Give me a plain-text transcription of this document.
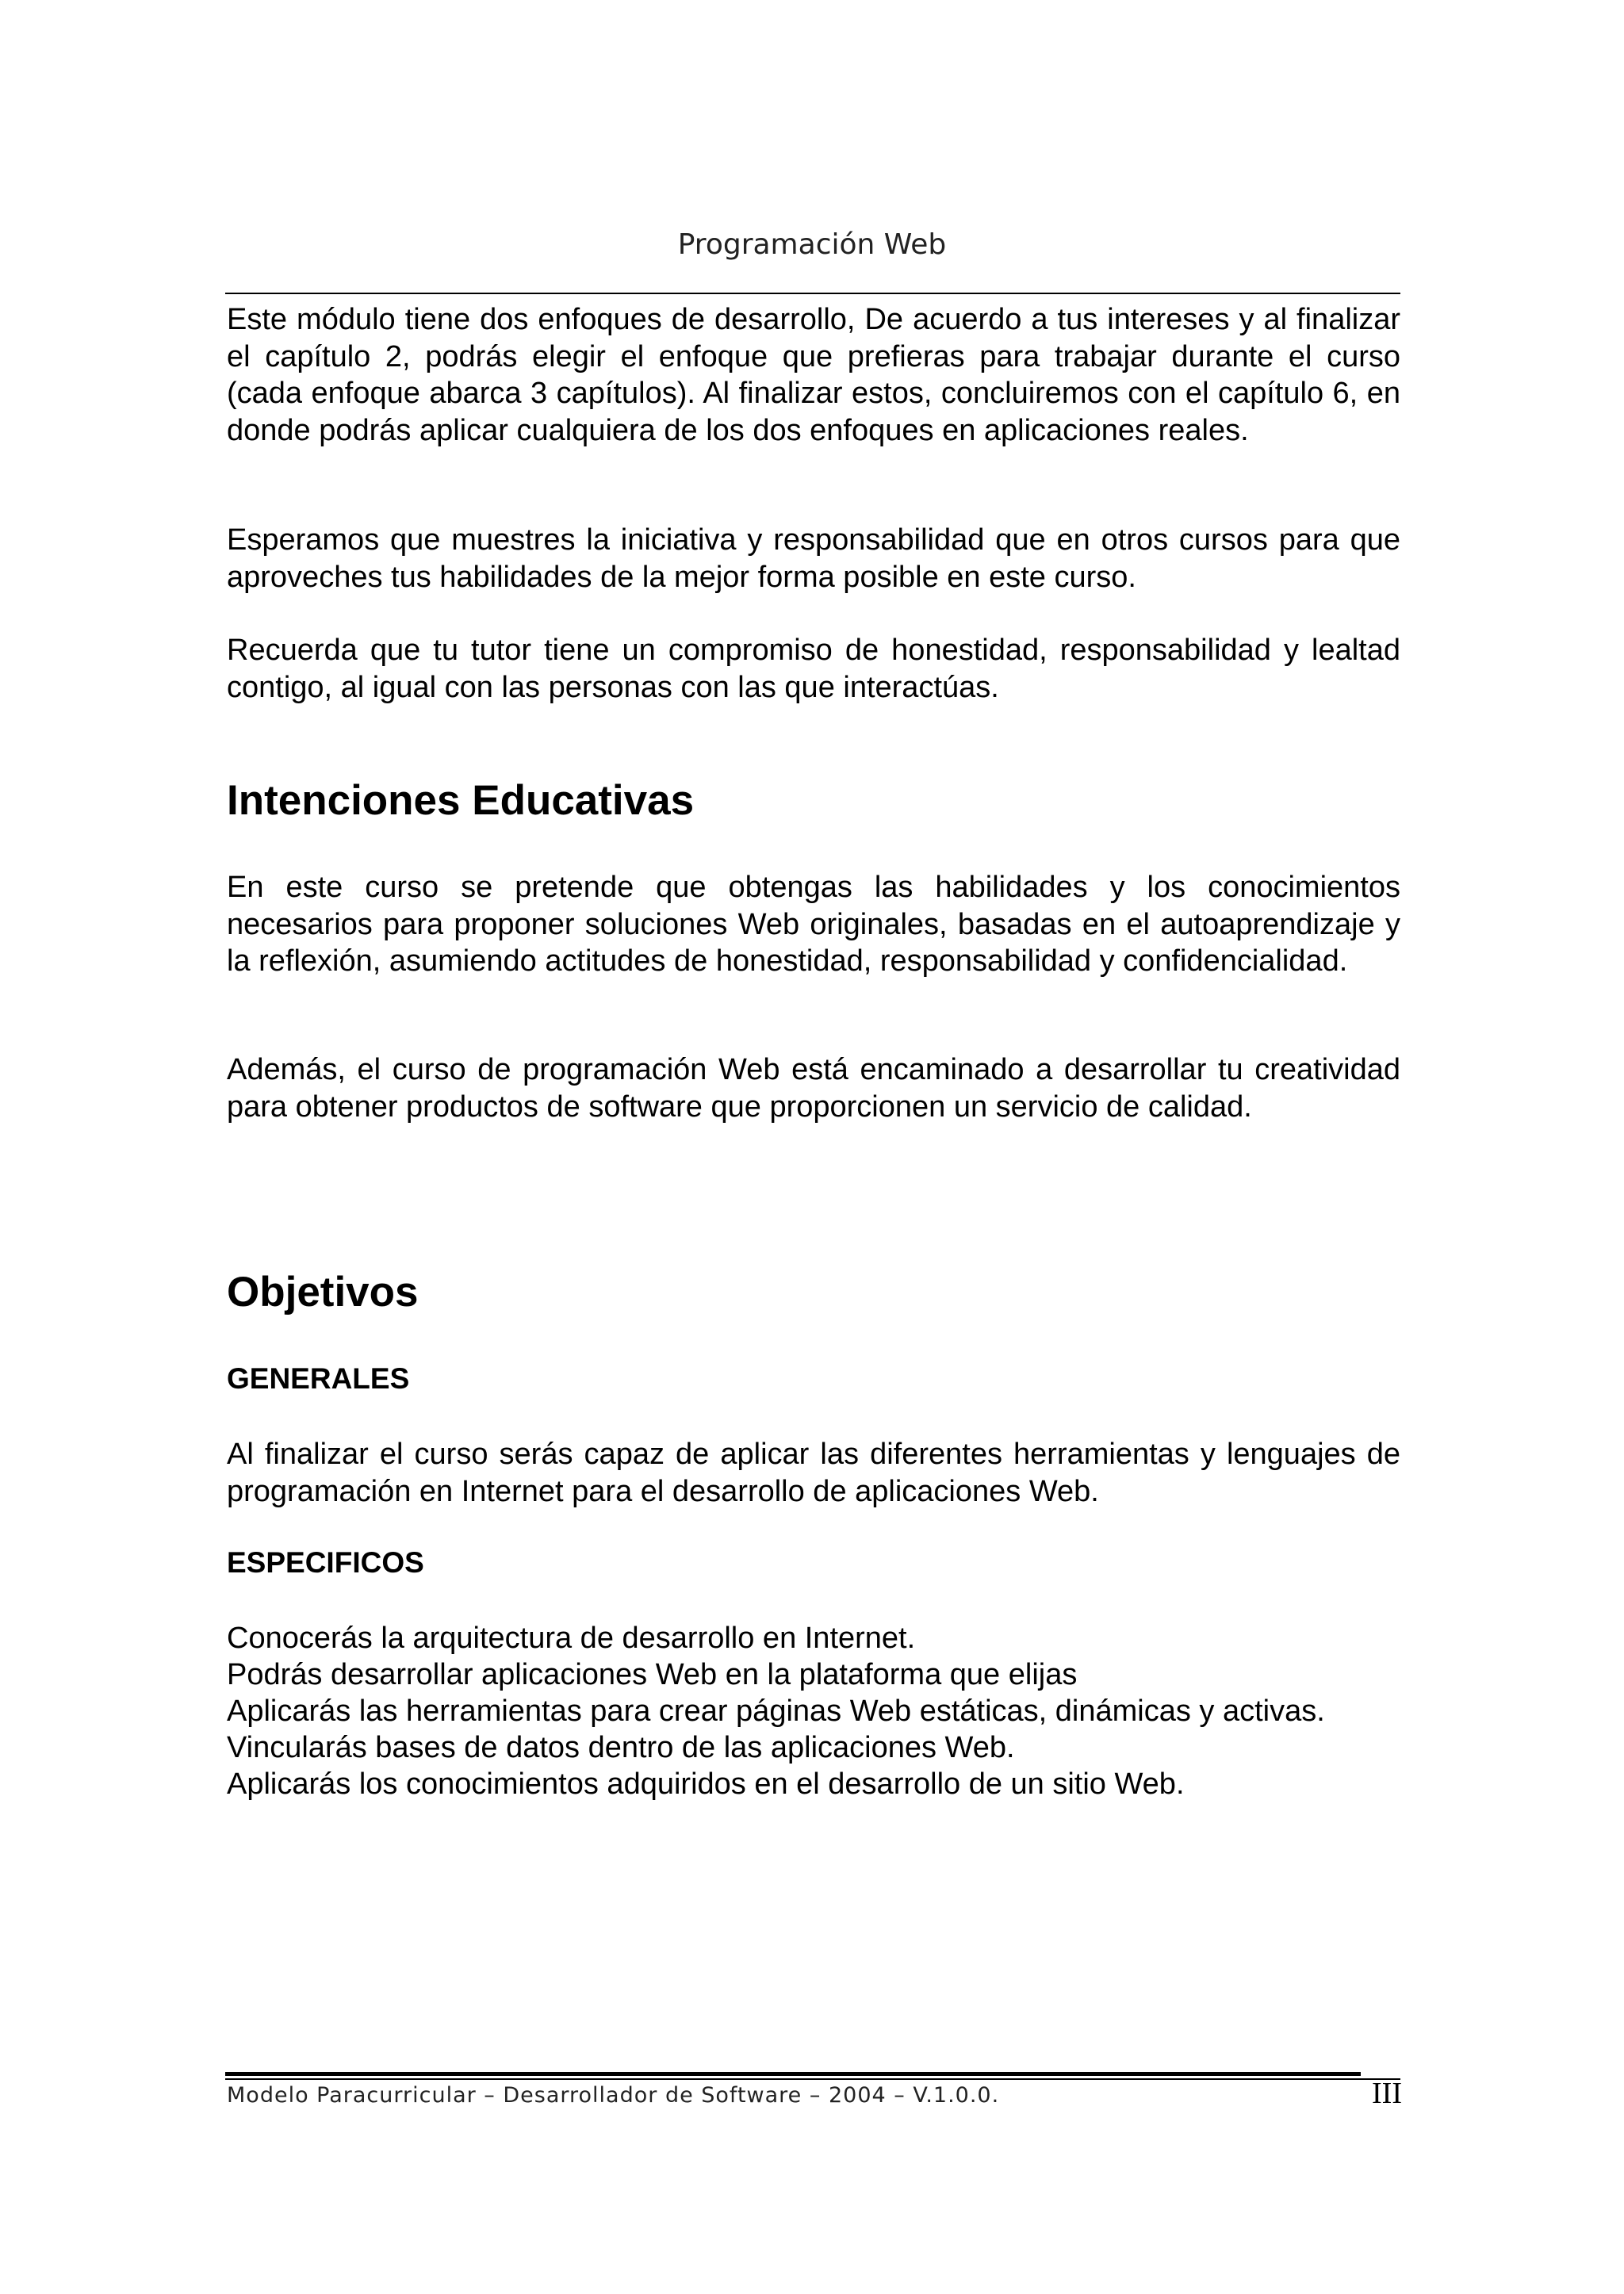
Programación Web

Este módulo tiene dos enfoques de desarrollo, De acuerdo a tus intereses y al finalizar el capítulo 2, podrás elegir el enfoque que prefieras para trabajar durante el curso (cada enfoque abarca 3 capítulos). Al finalizar estos, concluiremos con el capítulo 6, en donde podrás aplicar cualquiera de los dos enfoques en aplicaciones reales.

Esperamos que muestres la iniciativa y responsabilidad que en otros cursos para que aproveches tus habilidades de la mejor forma posible en este curso.

Recuerda que tu tutor tiene un compromiso de honestidad, responsabilidad y lealtad contigo, al igual con las personas con las que interactúas.

Intenciones Educativas

En este curso se pretende que obtengas las habilidades y los conocimientos necesarios para proponer soluciones Web originales, basadas en el autoaprendizaje y la reflexión, asumiendo actitudes de honestidad, responsabilidad y confidencialidad.

Además, el curso de programación Web está encaminado a desarrollar tu creatividad para obtener productos de software que proporcionen un servicio de calidad.

Objetivos
GENERALES

Al finalizar el curso serás capaz de aplicar las diferentes herramientas y lenguajes de programación en Internet para el desarrollo de aplicaciones Web.

ESPECIFICOS
Conocerás la arquitectura de desarrollo en Internet.
Podrás desarrollar aplicaciones Web en la plataforma que elijas
Aplicarás las herramientas para crear páginas Web estáticas, dinámicas y activas.
Vincularás bases de datos dentro de las aplicaciones Web.
Aplicarás los conocimientos adquiridos en el desarrollo de un sitio Web.
Modelo Paracurricular – Desarrollador de Software – 2004 – V.1.0.0.	III
